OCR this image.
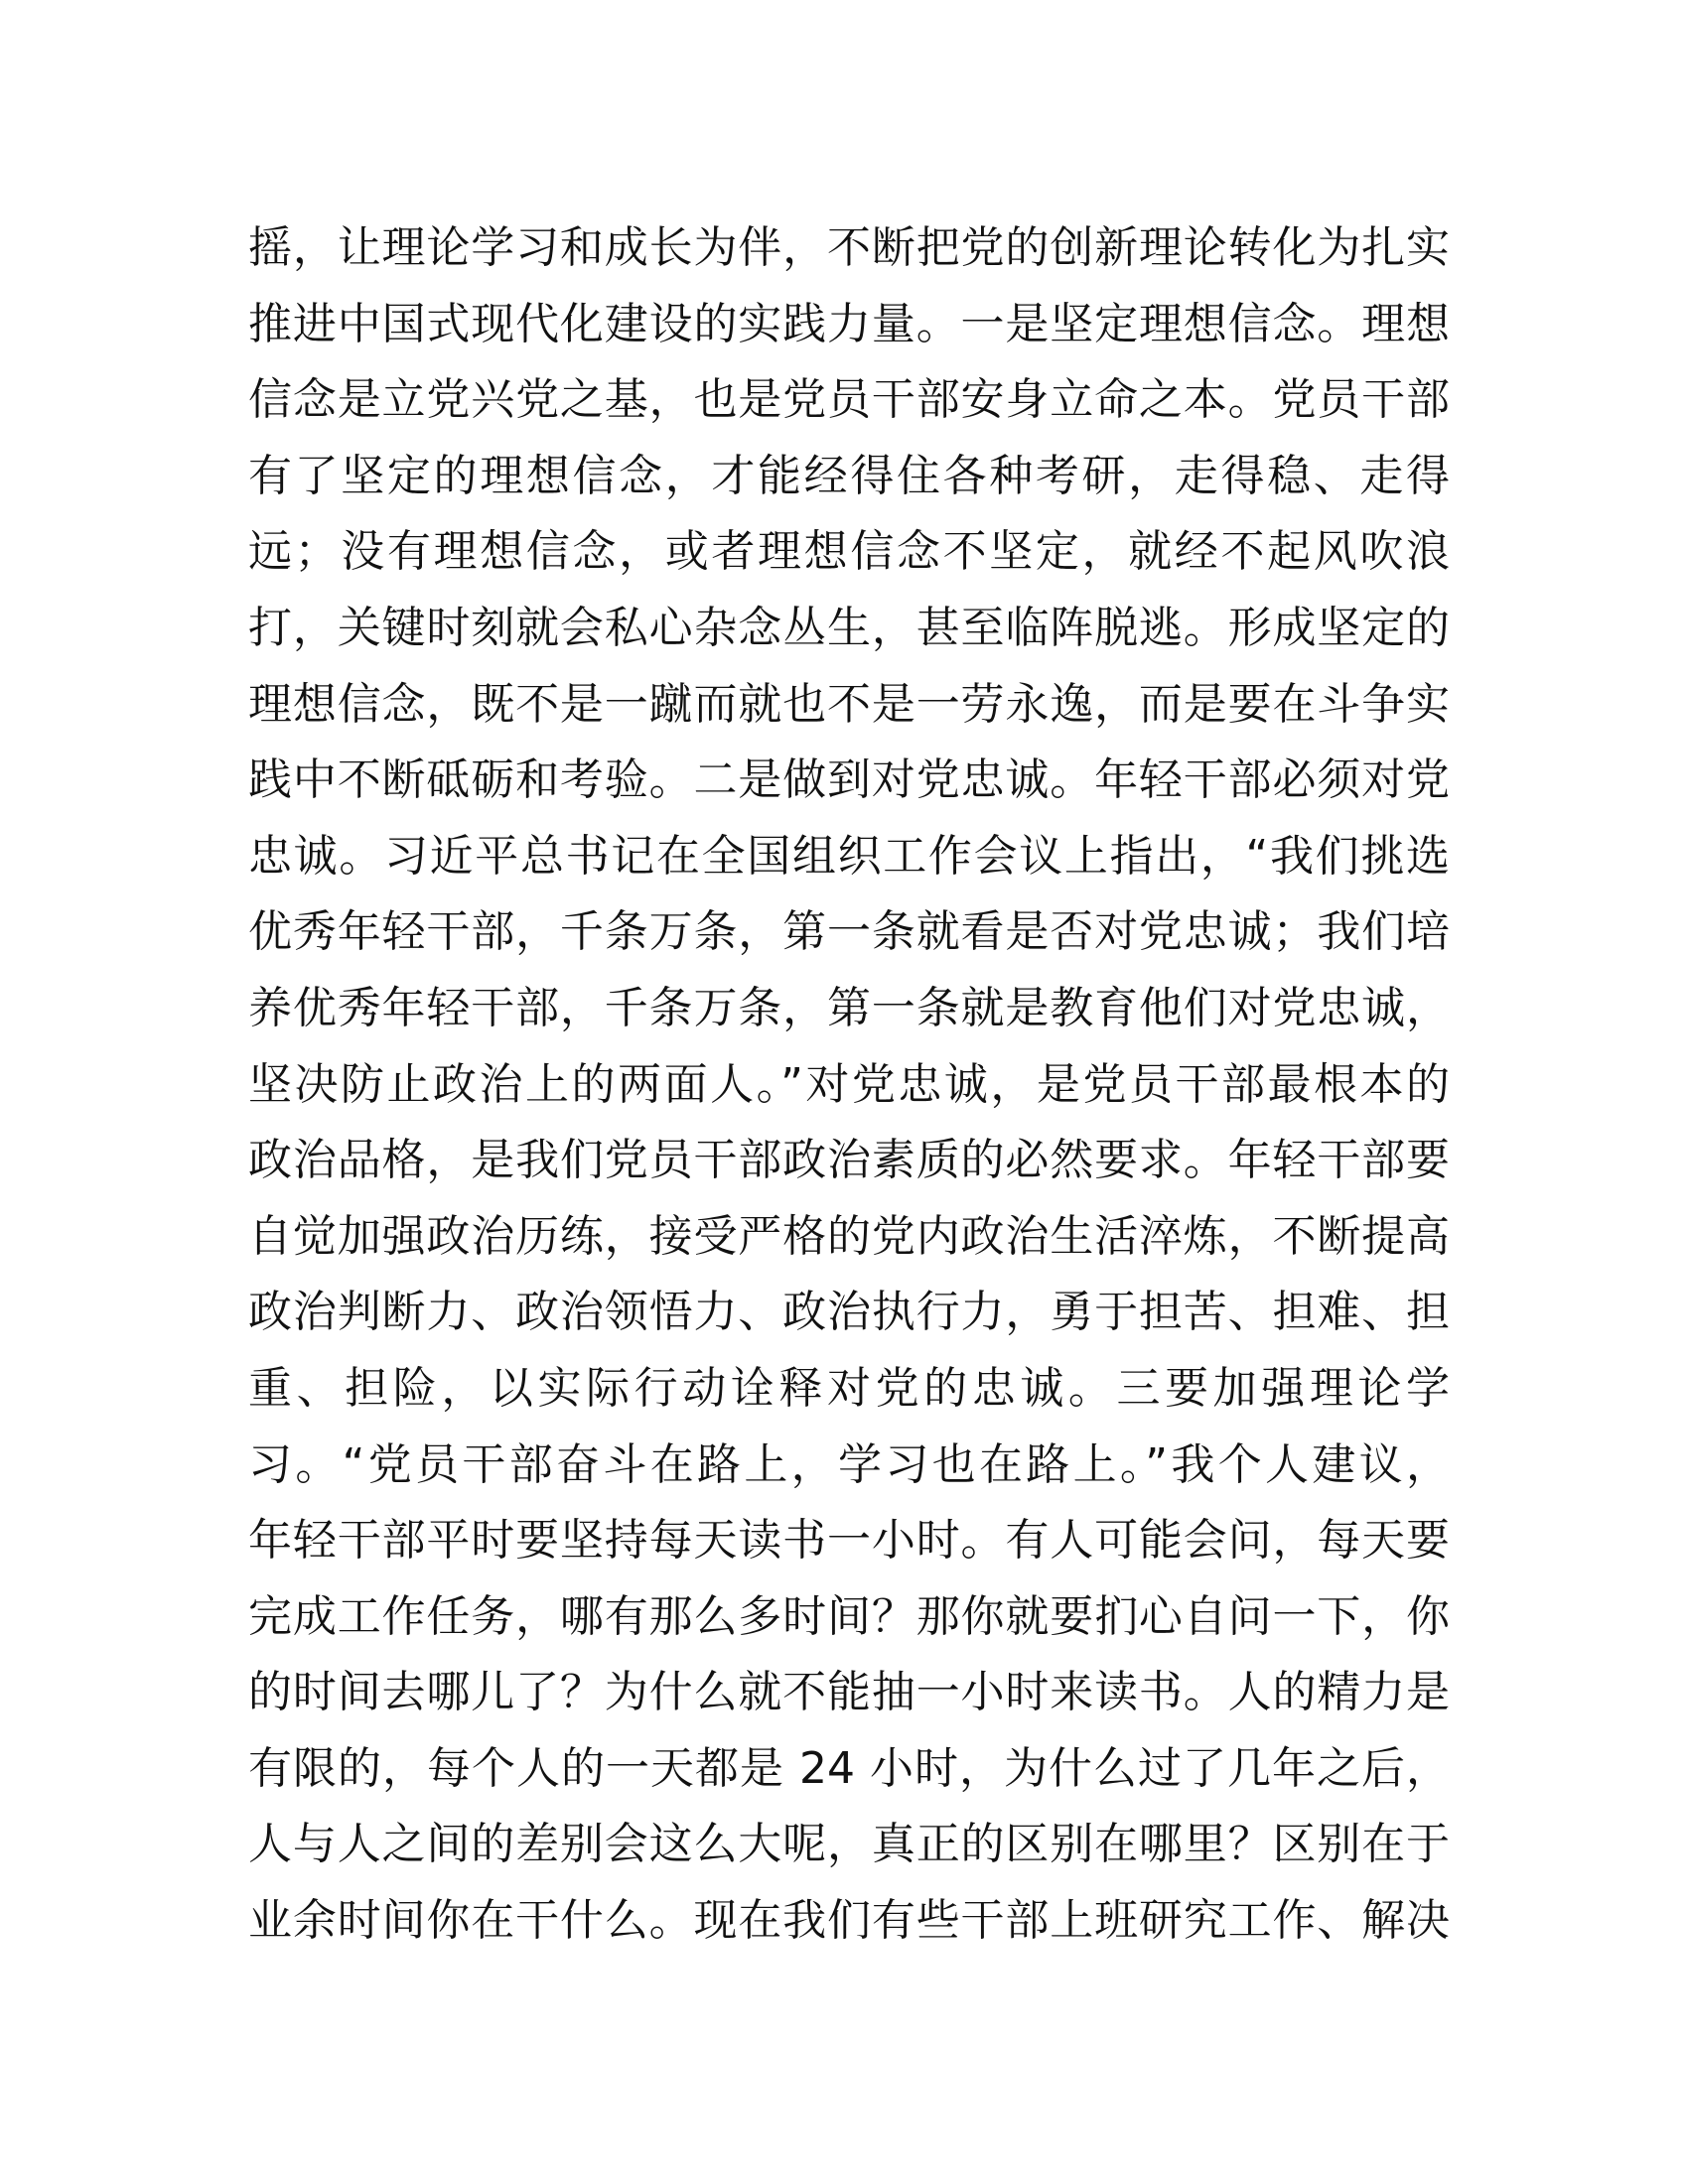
摇，让理论学习和成长为伴，不断把党的创新理论转化为扎实
推进中国式现代化建设的实践力量。一是坚定理想信念。理想
信念是立党兴党之基，也是党员干部安身立命之本。党员干部
有了坚定的理想信念，才能经得住各种考研，走得稳、走得
远；没有理想信念，或者理想信念不坚定，就经不起风吹浪
打，关键时刻就会私心杂念丛生，甚至临阵脱逃。形成坚定的
理想信念，既不是一蹴而就也不是一劳永逸，而是要在斗争实
践中不断砥砺和考验。二是做到对党忠诚。年轻干部必须对党
忠诚。习近平总书记在全国组织工作会议上指出，“我们挑选
优秀年轻干部，千条万条，第一条就看是否对党忠诚；我们培
养优秀年轻干部，千条万条，第一条就是教育他们对党忠诚，
坚决防止政治上的两面人。”对党忠诚，是党员干部最根本的
政治品格，是我们党员干部政治素质的必然要求。年轻干部要
自觉加强政治历练，接受严格的党内政治生活淬炼，不断提高
政治判断力、政治领悟力、政治执行力，勇于担苦、担难、担
重、担险，以实际行动诠释对党的忠诚。三要加强理论学
习。“党员干部奋斗在路上，学习也在路上。”我个人建议，
年轻干部平时要坚持每天读书一小时。有人可能会问，每天要
完成工作任务，哪有那么多时间？那你就要扪心自问一下，你
的时间去哪儿了？为什么就不能抽一小时来读书。人的精力是
有限的，每个人的一天都是 24 小时，为什么过了几年之后，
人与人之间的差别会这么大呢，真正的区别在哪里？区别在于
业余时间你在干什么。现在我们有些干部上班研究工作、解决
